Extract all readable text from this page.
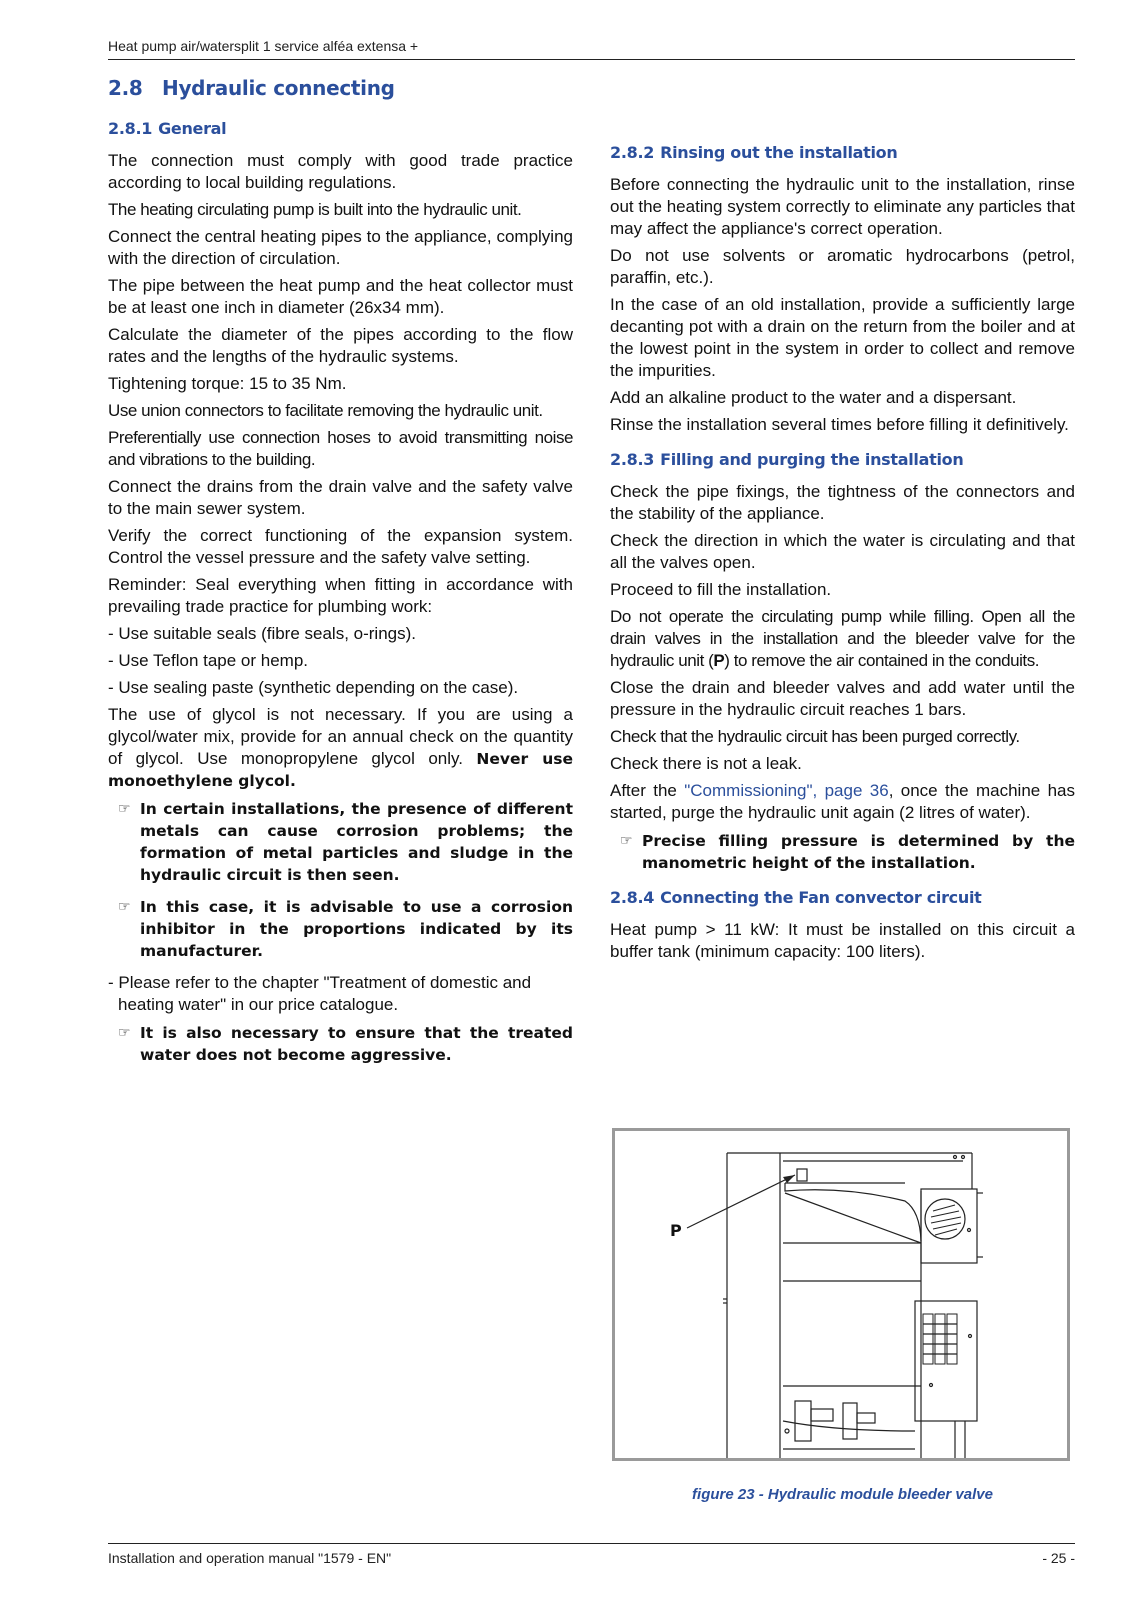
Heat pump air/watersplit 1 service alféa extensa +
2.8 Hydraulic connecting
2.8.1 General

The connection must comply with good trade practice according to local building regulations.

The heating circulating pump is built into the hydraulic unit.

Connect the central heating pipes to the appliance, complying with the direction of circulation.

The pipe between the heat pump and the heat collector must be at least one inch in diameter (26x34 mm).

Calculate the diameter of the pipes according to the flow rates and the lengths of the hydraulic systems.

Tightening torque: 15 to 35 Nm.

Use union connectors to facilitate removing the hydraulic unit.

Preferentially use connection hoses to avoid transmitting noise and vibrations to the building.

Connect the drains from the drain valve and the safety valve to the main sewer system.

Verify the correct functioning of the expansion system. Control the vessel pressure and the safety valve setting.

Reminder: Seal everything when fitting in accordance with prevailing trade practice for plumbing work:

- Use suitable seals (fibre seals, o-rings).

- Use Teflon tape or hemp.

- Use sealing paste (synthetic depending on the case).

The use of glycol is not necessary. If you are using a glycol/water mix, provide for an annual check on the quantity of glycol. Use monopropylene glycol only. Never use monoethylene glycol.

☞ In certain installations, the presence of different metals can cause corrosion problems; the formation of metal particles and sludge in the hydraulic circuit is then seen.
☞ In this case, it is advisable to use a corrosion inhibitor in the proportions indicated by its manufacturer.

- Please refer to the chapter "Treatment of domestic and heating water" in our price catalogue.

☞ It is also necessary to ensure that the treated water does not become aggressive.
2.8.2 Rinsing out the installation

Before connecting the hydraulic unit to the installation, rinse out the heating system correctly to eliminate any particles that may affect the appliance's correct operation.

Do not use solvents or aromatic hydrocarbons (petrol, paraffin, etc.).

In the case of an old installation, provide a sufficiently large decanting pot with a drain on the return from the boiler and at the lowest point in the system in order to collect and remove the impurities.

Add an alkaline product to the water and a dispersant.

Rinse the installation several times before filling it definitively.

2.8.3 Filling and purging the installation

Check the pipe fixings, the tightness of the connectors and the stability of the appliance.

Check the direction in which the water is circulating and that all the valves open.

Proceed to fill the installation.

Do not operate the circulating pump while filling. Open all the drain valves in the installation and the bleeder valve for the hydraulic unit (P) to remove the air contained in the conduits.

Close the drain and bleeder valves and add water until the pressure in the hydraulic circuit reaches 1 bars.

Check that the hydraulic circuit has been purged correctly.

Check there is not a leak.

After the "Commissioning", page 36, once the machine has started, purge the hydraulic unit again (2 litres of water).

☞ Precise filling pressure is determined by the manometric height of the installation.
2.8.4 Connecting the Fan convector circuit

Heat pump > 11 kW: It must be installed on this circuit a buffer tank (minimum capacity: 100 liters).

P
figure 23 - Hydraulic module bleeder valve
Installation and operation manual "1579 - EN"	- 25 -
